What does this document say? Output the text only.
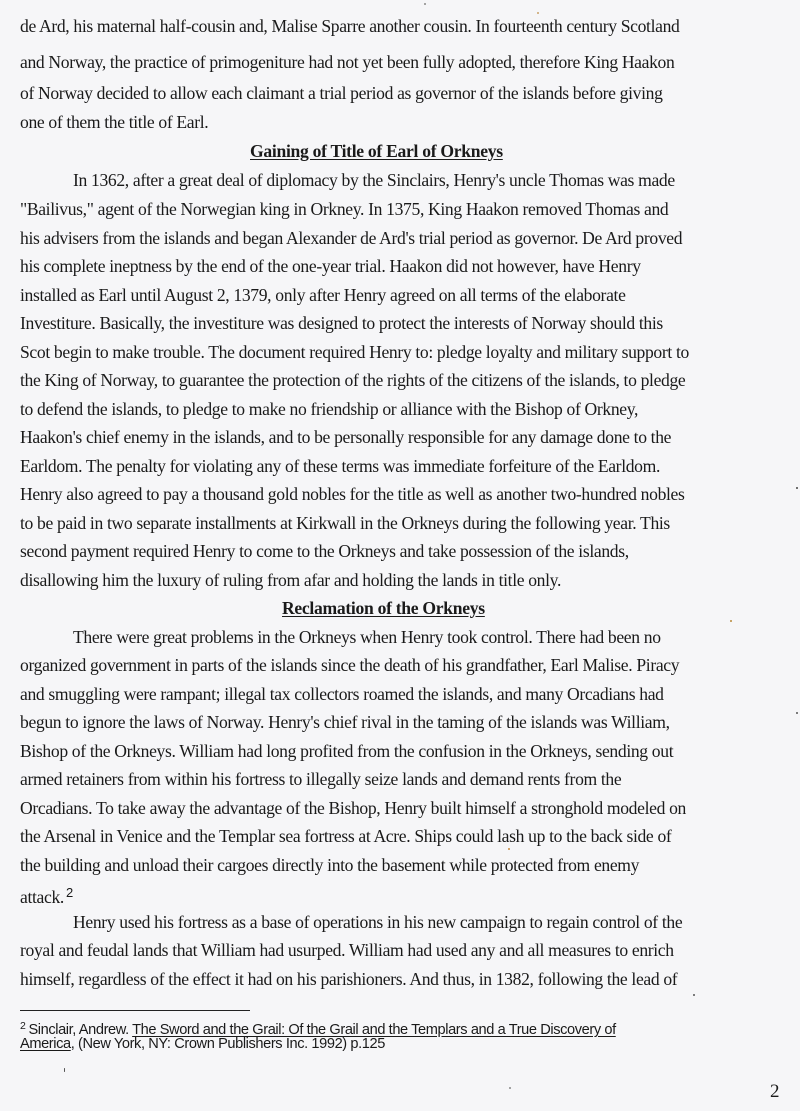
de Ard, his maternal half-cousin and, Malise Sparre another cousin. In fourteenth century Scotland
and Norway, the practice of primogeniture had not yet been fully adopted, therefore King Haakon
of Norway decided to allow each claimant a trial period as governor of the islands before giving
one of them the title of Earl.
Gaining of Title of Earl of Orkneys
In 1362, after a great deal of diplomacy by the Sinclairs, Henry's uncle Thomas was made
"Bailivus," agent of the Norwegian king in Orkney. In 1375, King Haakon removed Thomas and
his advisers from the islands and began Alexander de Ard's trial period as governor. De Ard proved
his complete ineptness by the end of the one-year trial. Haakon did not however, have Henry
installed as Earl until August 2, 1379, only after Henry agreed on all terms of the elaborate
Investiture. Basically, the investiture was designed to protect the interests of Norway should this
Scot begin to make trouble. The document required Henry to: pledge loyalty and military support to
the King of Norway, to guarantee the protection of the rights of the citizens of the islands, to pledge
to defend the islands, to pledge to make no friendship or alliance with the Bishop of Orkney,
Haakon's chief enemy in the islands, and to be personally responsible for any damage done to the
Earldom. The penalty for violating any of these terms was immediate forfeiture of the Earldom.
Henry also agreed to pay a thousand gold nobles for the title as well as another two-hundred nobles
to be paid in two separate installments at Kirkwall in the Orkneys during the following year. This
second payment required Henry to come to the Orkneys and take possession of the islands,
disallowing him the luxury of ruling from afar and holding the lands in title only.
Reclamation of the Orkneys
There were great problems in the Orkneys when Henry took control. There had been no
organized government in parts of the islands since the death of his grandfather, Earl Malise. Piracy
and smuggling were rampant; illegal tax collectors roamed the islands, and many Orcadians had
begun to ignore the laws of Norway. Henry's chief rival in the taming of the islands was William,
Bishop of the Orkneys. William had long profited from the confusion in the Orkneys, sending out
armed retainers from within his fortress to illegally seize lands and demand rents from the
Orcadians. To take away the advantage of the Bishop, Henry built himself a stronghold modeled on
the Arsenal in Venice and the Templar sea fortress at Acre. Ships could lash up to the back side of
the building and unload their cargoes directly into the basement while protected from enemy
attack. $^2$
Henry used his fortress as a base of operations in his new campaign to regain control of the
royal and feudal lands that William had usurped. William had used any and all measures to enrich
himself, regardless of the effect it had on his parishioners. And thus, in 1382, following the lead of
$^2$ Sinclair, Andrew. The Sword and the Grail: Of the Grail and the Templars and a True Discovery of
America, (New York, NY: Crown Publishers Inc. 1992) p.125
2
